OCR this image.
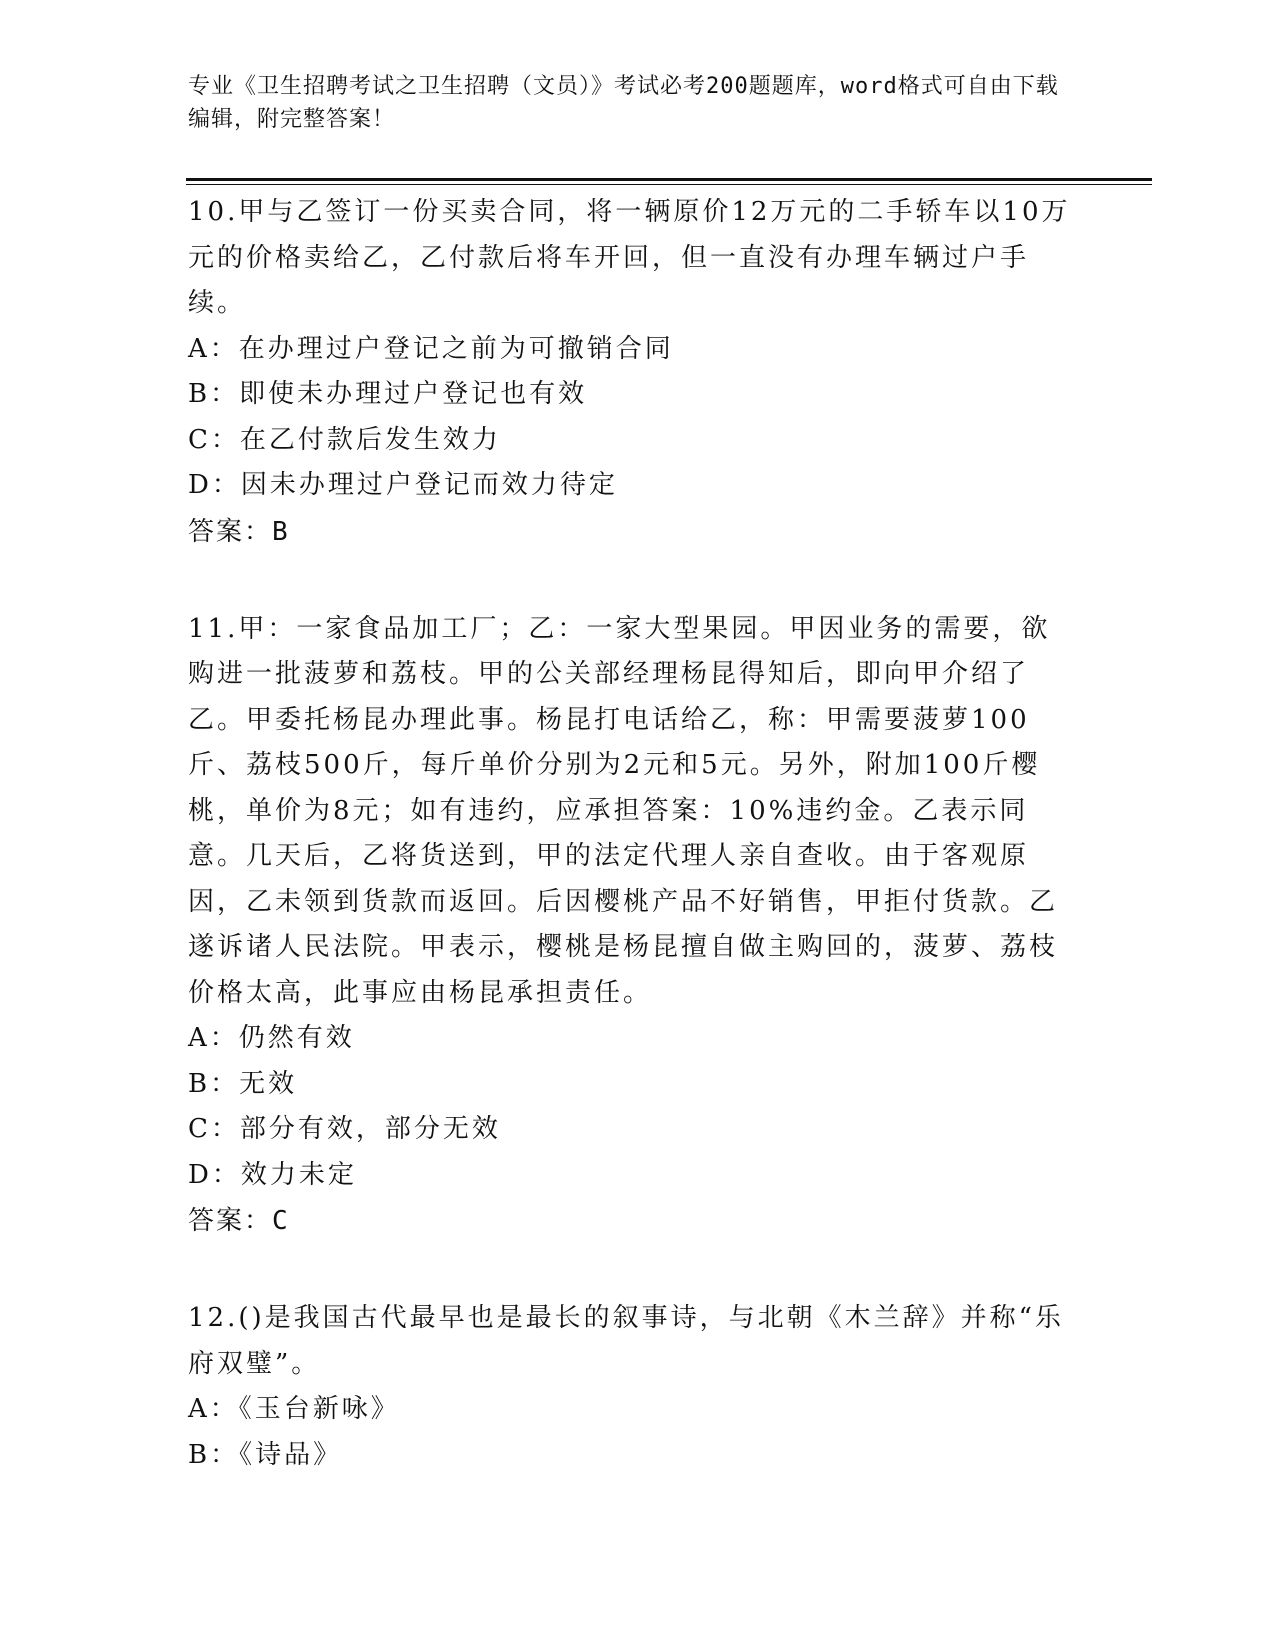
专业《卫生招聘考试之卫生招聘（文员）》考试必考200题题库，word格式可自由下载编辑，附完整答案！

10.甲与乙签订一份买卖合同，将一辆原价12万元的二手轿车以10万元的价格卖给乙，乙付款后将车开回，但一直没有办理车辆过户手续。

A：在办理过户登记之前为可撤销合同

B：即使未办理过户登记也有效

C：在乙付款后发生效力

D：因未办理过户登记而效力待定

答案：B

11.甲：一家食品加工厂；乙：一家大型果园。甲因业务的需要，欲购进一批菠萝和荔枝。甲的公关部经理杨昆得知后，即向甲介绍了乙。甲委托杨昆办理此事。杨昆打电话给乙，称：甲需要菠萝100斤、荔枝500斤，每斤单价分别为2元和5元。另外，附加100斤樱桃，单价为8元；如有违约，应承担答案：10%违约金。乙表示同意。几天后，乙将货送到，甲的法定代理人亲自查收。由于客观原因，乙未领到货款而返回。后因樱桃产品不好销售，甲拒付货款。乙遂诉诸人民法院。甲表示，樱桃是杨昆擅自做主购回的，菠萝、荔枝价格太高，此事应由杨昆承担责任。

A：仍然有效

B：无效

C：部分有效，部分无效

D：效力未定

答案：C

12.()是我国古代最早也是最长的叙事诗，与北朝《木兰辞》并称“乐府双璧”。

A：《玉台新咏》

B：《诗品》
